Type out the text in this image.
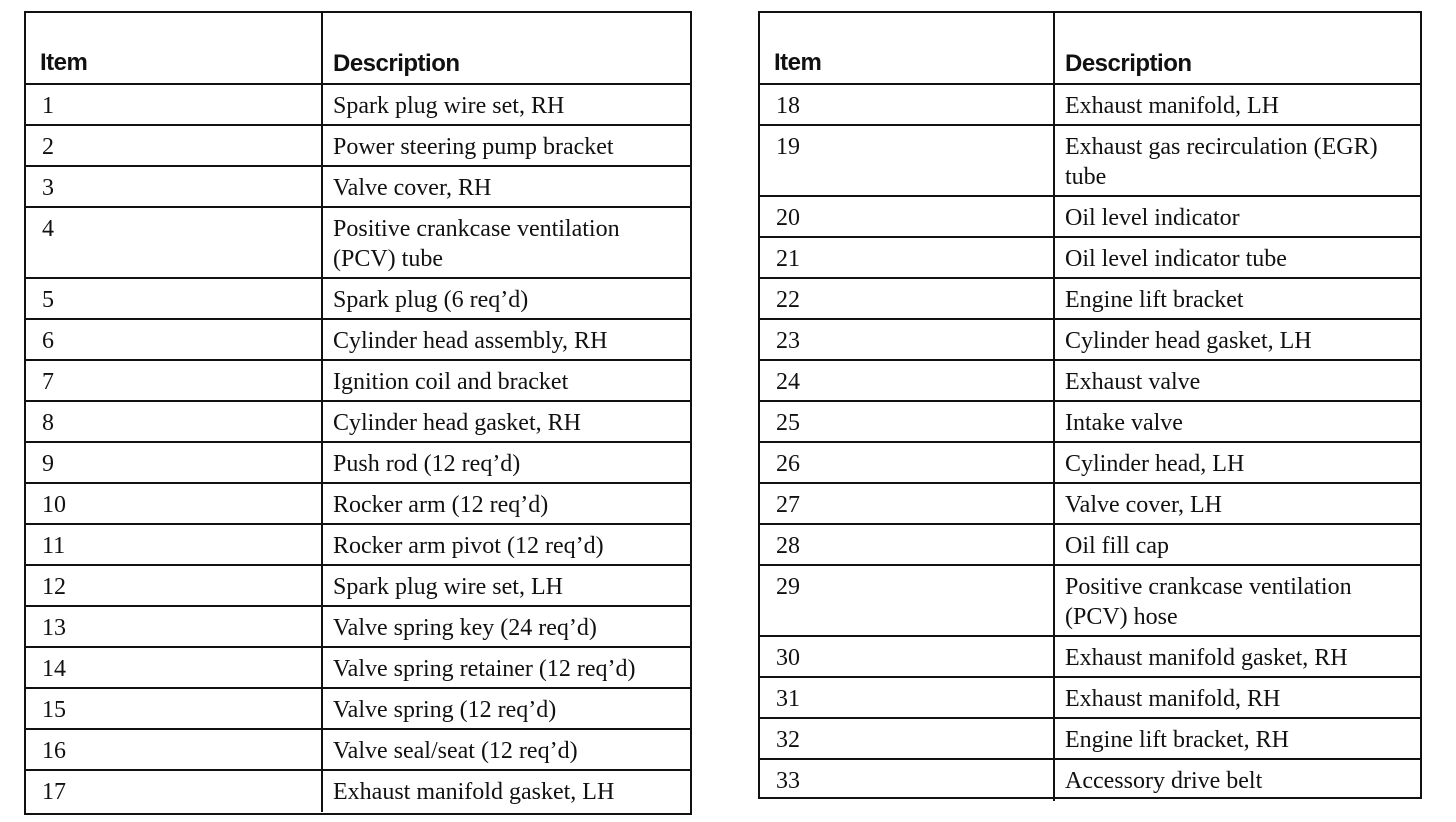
Item	Description
1	Spark plug wire set, RH
2	Power steering pump bracket
3	Valve cover, RH
4	Positive crankcase ventilation (PCV) tube
5	Spark plug (6 req’d)
6	Cylinder head assembly, RH
7	Ignition coil and bracket
8	Cylinder head gasket, RH
9	Push rod (12 req’d)
10	Rocker arm (12 req’d)
11	Rocker arm pivot (12 req’d)
12	Spark plug wire set, LH
13	Valve spring key (24 req’d)
14	Valve spring retainer (12 req’d)
15	Valve spring (12 req’d)
16	Valve seal/seat (12 req’d)
17	Exhaust manifold gasket, LH
Item	Description
18	Exhaust manifold, LH
19	Exhaust gas recirculation (EGR) tube
20	Oil level indicator
21	Oil level indicator tube
22	Engine lift bracket
23	Cylinder head gasket, LH
24	Exhaust valve
25	Intake valve
26	Cylinder head, LH
27	Valve cover, LH
28	Oil fill cap
29	Positive crankcase ventilation (PCV) hose
30	Exhaust manifold gasket, RH
31	Exhaust manifold, RH
32	Engine lift bracket, RH
33	Accessory drive belt
